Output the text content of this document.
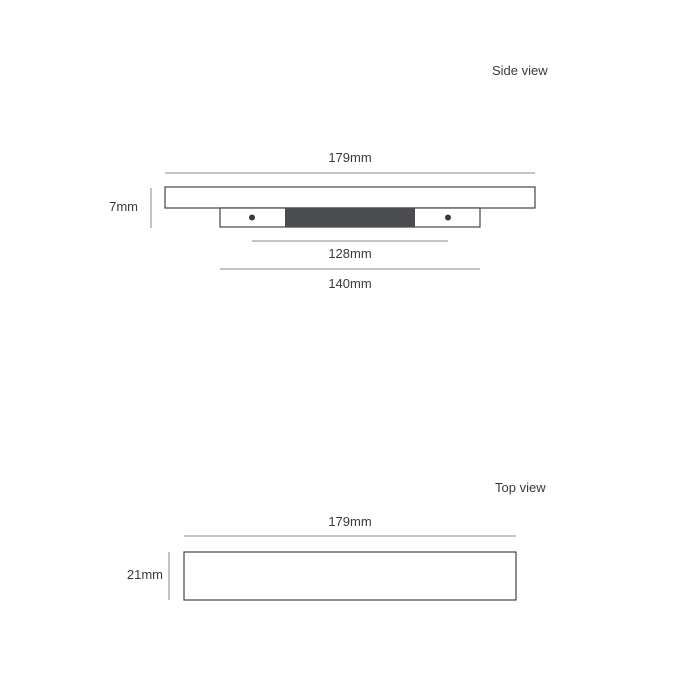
Side view
179mm
7mm
128mm
140mm
Top view
179mm
21mm
